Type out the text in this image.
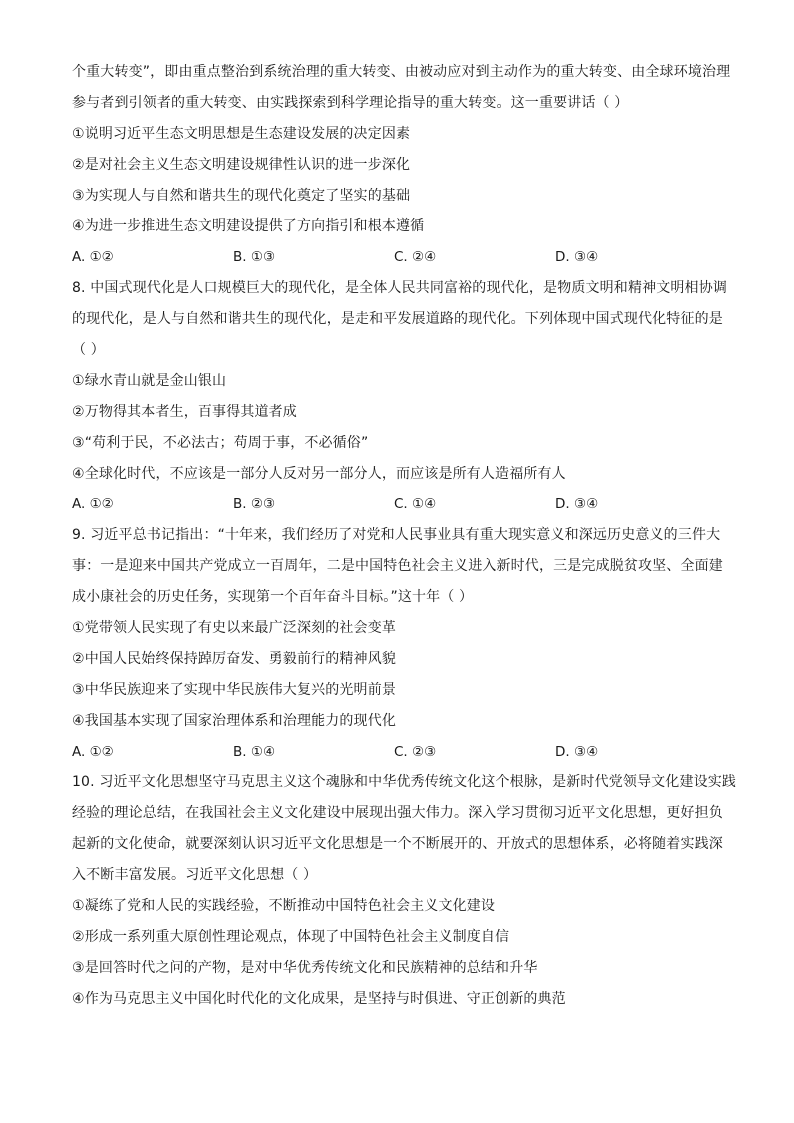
个重大转变”，即由重点整治到系统治理的重大转变、由被动应对到主动作为的重大转变、由全球环境治理
参与者到引领者的重大转变、由实践探索到科学理论指导的重大转变。这一重要讲话（ ）
①说明习近平生态文明思想是生态建设发展的决定因素
②是对社会主义生态文明建设规律性认识的进一步深化
③为实现人与自然和谐共生的现代化奠定了坚实的基础
④为进一步推进生态文明建设提供了方向指引和根本遵循
A. ①②	B. ①③	C. ②④	D. ③④
8. 中国式现代化是人口规模巨大的现代化，是全体人民共同富裕的现代化，是物质文明和精神文明相协调
的现代化，是人与自然和谐共生的现代化，是走和平发展道路的现代化。下列体现中国式现代化特征的是
（ ）
①绿水青山就是金山银山
②万物得其本者生，百事得其道者成
③“苟利于民，不必法古；苟周于事，不必循俗”
④全球化时代，不应该是一部分人反对另一部分人，而应该是所有人造福所有人
A. ①②	B. ②③	C. ①④	D. ③④
9. 习近平总书记指出：“十年来，我们经历了对党和人民事业具有重大现实意义和深远历史意义的三件大
事：一是迎来中国共产党成立一百周年，二是中国特色社会主义进入新时代，三是完成脱贫攻坚、全面建
成小康社会的历史任务，实现第一个百年奋斗目标。”这十年（ ）
①党带领人民实现了有史以来最广泛深刻的社会变革
②中国人民始终保持踔厉奋发、勇毅前行的精神风貌
③中华民族迎来了实现中华民族伟大复兴的光明前景
④我国基本实现了国家治理体系和治理能力的现代化
A. ①②	B. ①④	C. ②③	D. ③④
10. 习近平文化思想坚守马克思主义这个魂脉和中华优秀传统文化这个根脉，是新时代党领导文化建设实践
经验的理论总结，在我国社会主义文化建设中展现出强大伟力。深入学习贯彻习近平文化思想，更好担负
起新的文化使命，就要深刻认识习近平文化思想是一个不断展开的、开放式的思想体系，必将随着实践深
入不断丰富发展。习近平文化思想（ ）
①凝练了党和人民的实践经验，不断推动中国特色社会主义文化建设
②形成一系列重大原创性理论观点，体现了中国特色社会主义制度自信
③是回答时代之问的产物，是对中华优秀传统文化和民族精神的总结和升华
④作为马克思主义中国化时代化的文化成果，是坚持与时俱进、守正创新的典范
